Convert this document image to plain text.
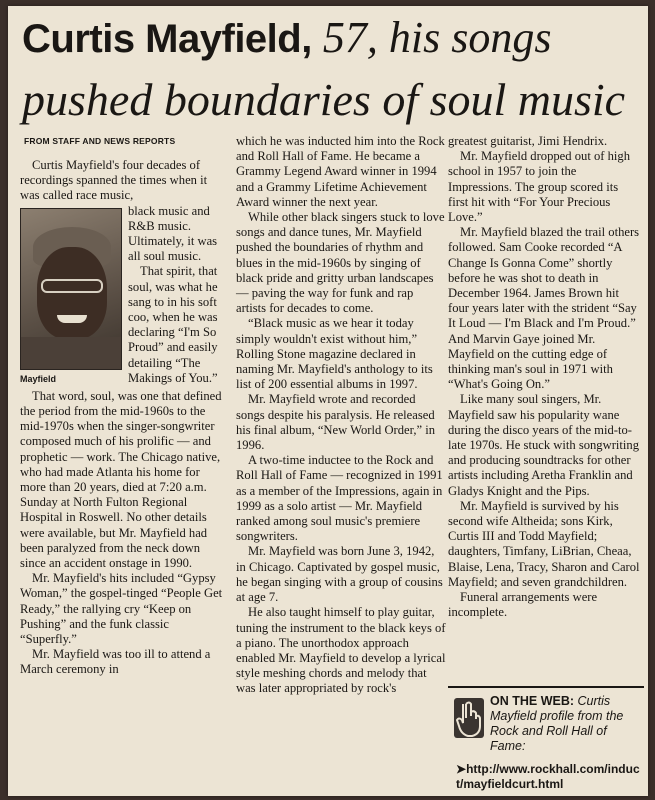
Curtis Mayfield, 57, his songs
pushed boundaries of soul music
FROM STAFF AND NEWS REPORTS

Curtis Mayfield's four decades of recordings spanned the times when it was called race music,

Mayfield

black music and R&B music. Ultimately, it was all soul music.

That spirit, that soul, was what he sang to in his soft coo, when he was declaring “I'm So Proud” and easily detailing “The Makings of You.”

That word, soul, was one that defined the period from the mid-1960s to the mid-1970s when the singer-songwriter composed much of his prolific — and prophetic — work. The Chicago native, who had made Atlanta his home for more than 20 years, died at 7:20 a.m. Sunday at North Fulton Regional Hospital in Roswell. No other details were available, but Mr. Mayfield had been paralyzed from the neck down since an accident onstage in 1990.

Mr. Mayfield's hits included “Gypsy Woman,” the gospel-tinged “People Get Ready,” the rallying cry “Keep on Pushing” and the funk classic “Superfly.”

Mr. Mayfield was too ill to attend a March ceremony in

which he was inducted him into the Rock and Roll Hall of Fame. He became a Grammy Legend Award winner in 1994 and a Grammy Lifetime Achievement Award winner the next year.

While other black singers stuck to love songs and dance tunes, Mr. Mayfield pushed the boundaries of rhythm and blues in the mid-1960s by singing of black pride and gritty urban landscapes — paving the way for funk and rap artists for decades to come.

“Black music as we hear it today simply wouldn't exist without him,” Rolling Stone magazine declared in naming Mr. Mayfield's anthology to its list of 200 essential albums in 1997.

Mr. Mayfield wrote and recorded songs despite his paralysis. He released his final album, “New World Order,” in 1996.

A two-time inductee to the Rock and Roll Hall of Fame — recognized in 1991 as a member of the Impressions, again in 1999 as a solo artist — Mr. Mayfield ranked among soul music's premiere songwriters.

Mr. Mayfield was born June 3, 1942, in Chicago. Captivated by gospel music, he began singing with a group of cousins at age 7.

He also taught himself to play guitar, tuning the instrument to the black keys of a piano. The unorthodox approach enabled Mr. Mayfield to develop a lyrical style meshing chords and melody that was later appropriated by rock's

greatest guitarist, Jimi Hendrix.

Mr. Mayfield dropped out of high school in 1957 to join the Impressions. The group scored its first hit with “For Your Precious Love.”

Mr. Mayfield blazed the trail others followed. Sam Cooke recorded “A Change Is Gonna Come” shortly before he was shot to death in December 1964. James Brown hit four years later with the strident “Say It Loud — I'm Black and I'm Proud.” And Marvin Gaye joined Mr. Mayfield on the cutting edge of thinking man's soul in 1971 with “What's Going On.”

Like many soul singers, Mr. Mayfield saw his popularity wane during the disco years of the mid-to-late 1970s. He stuck with songwriting and producing soundtracks for other artists including Aretha Franklin and Gladys Knight and the Pips.

Mr. Mayfield is survived by his second wife Altheida; sons Kirk, Curtis III and Todd Mayfield; daughters, Timfany, LiBrian, Cheaa, Blaise, Lena, Tracy, Sharon and Carol Mayfield; and seven grandchildren.

Funeral arrangements were incomplete.

ON THE WEB: Curtis Mayfield profile from the Rock and Roll Hall of Fame:
➤http://www.rockhall.com/induct/mayfieldcurt.html
